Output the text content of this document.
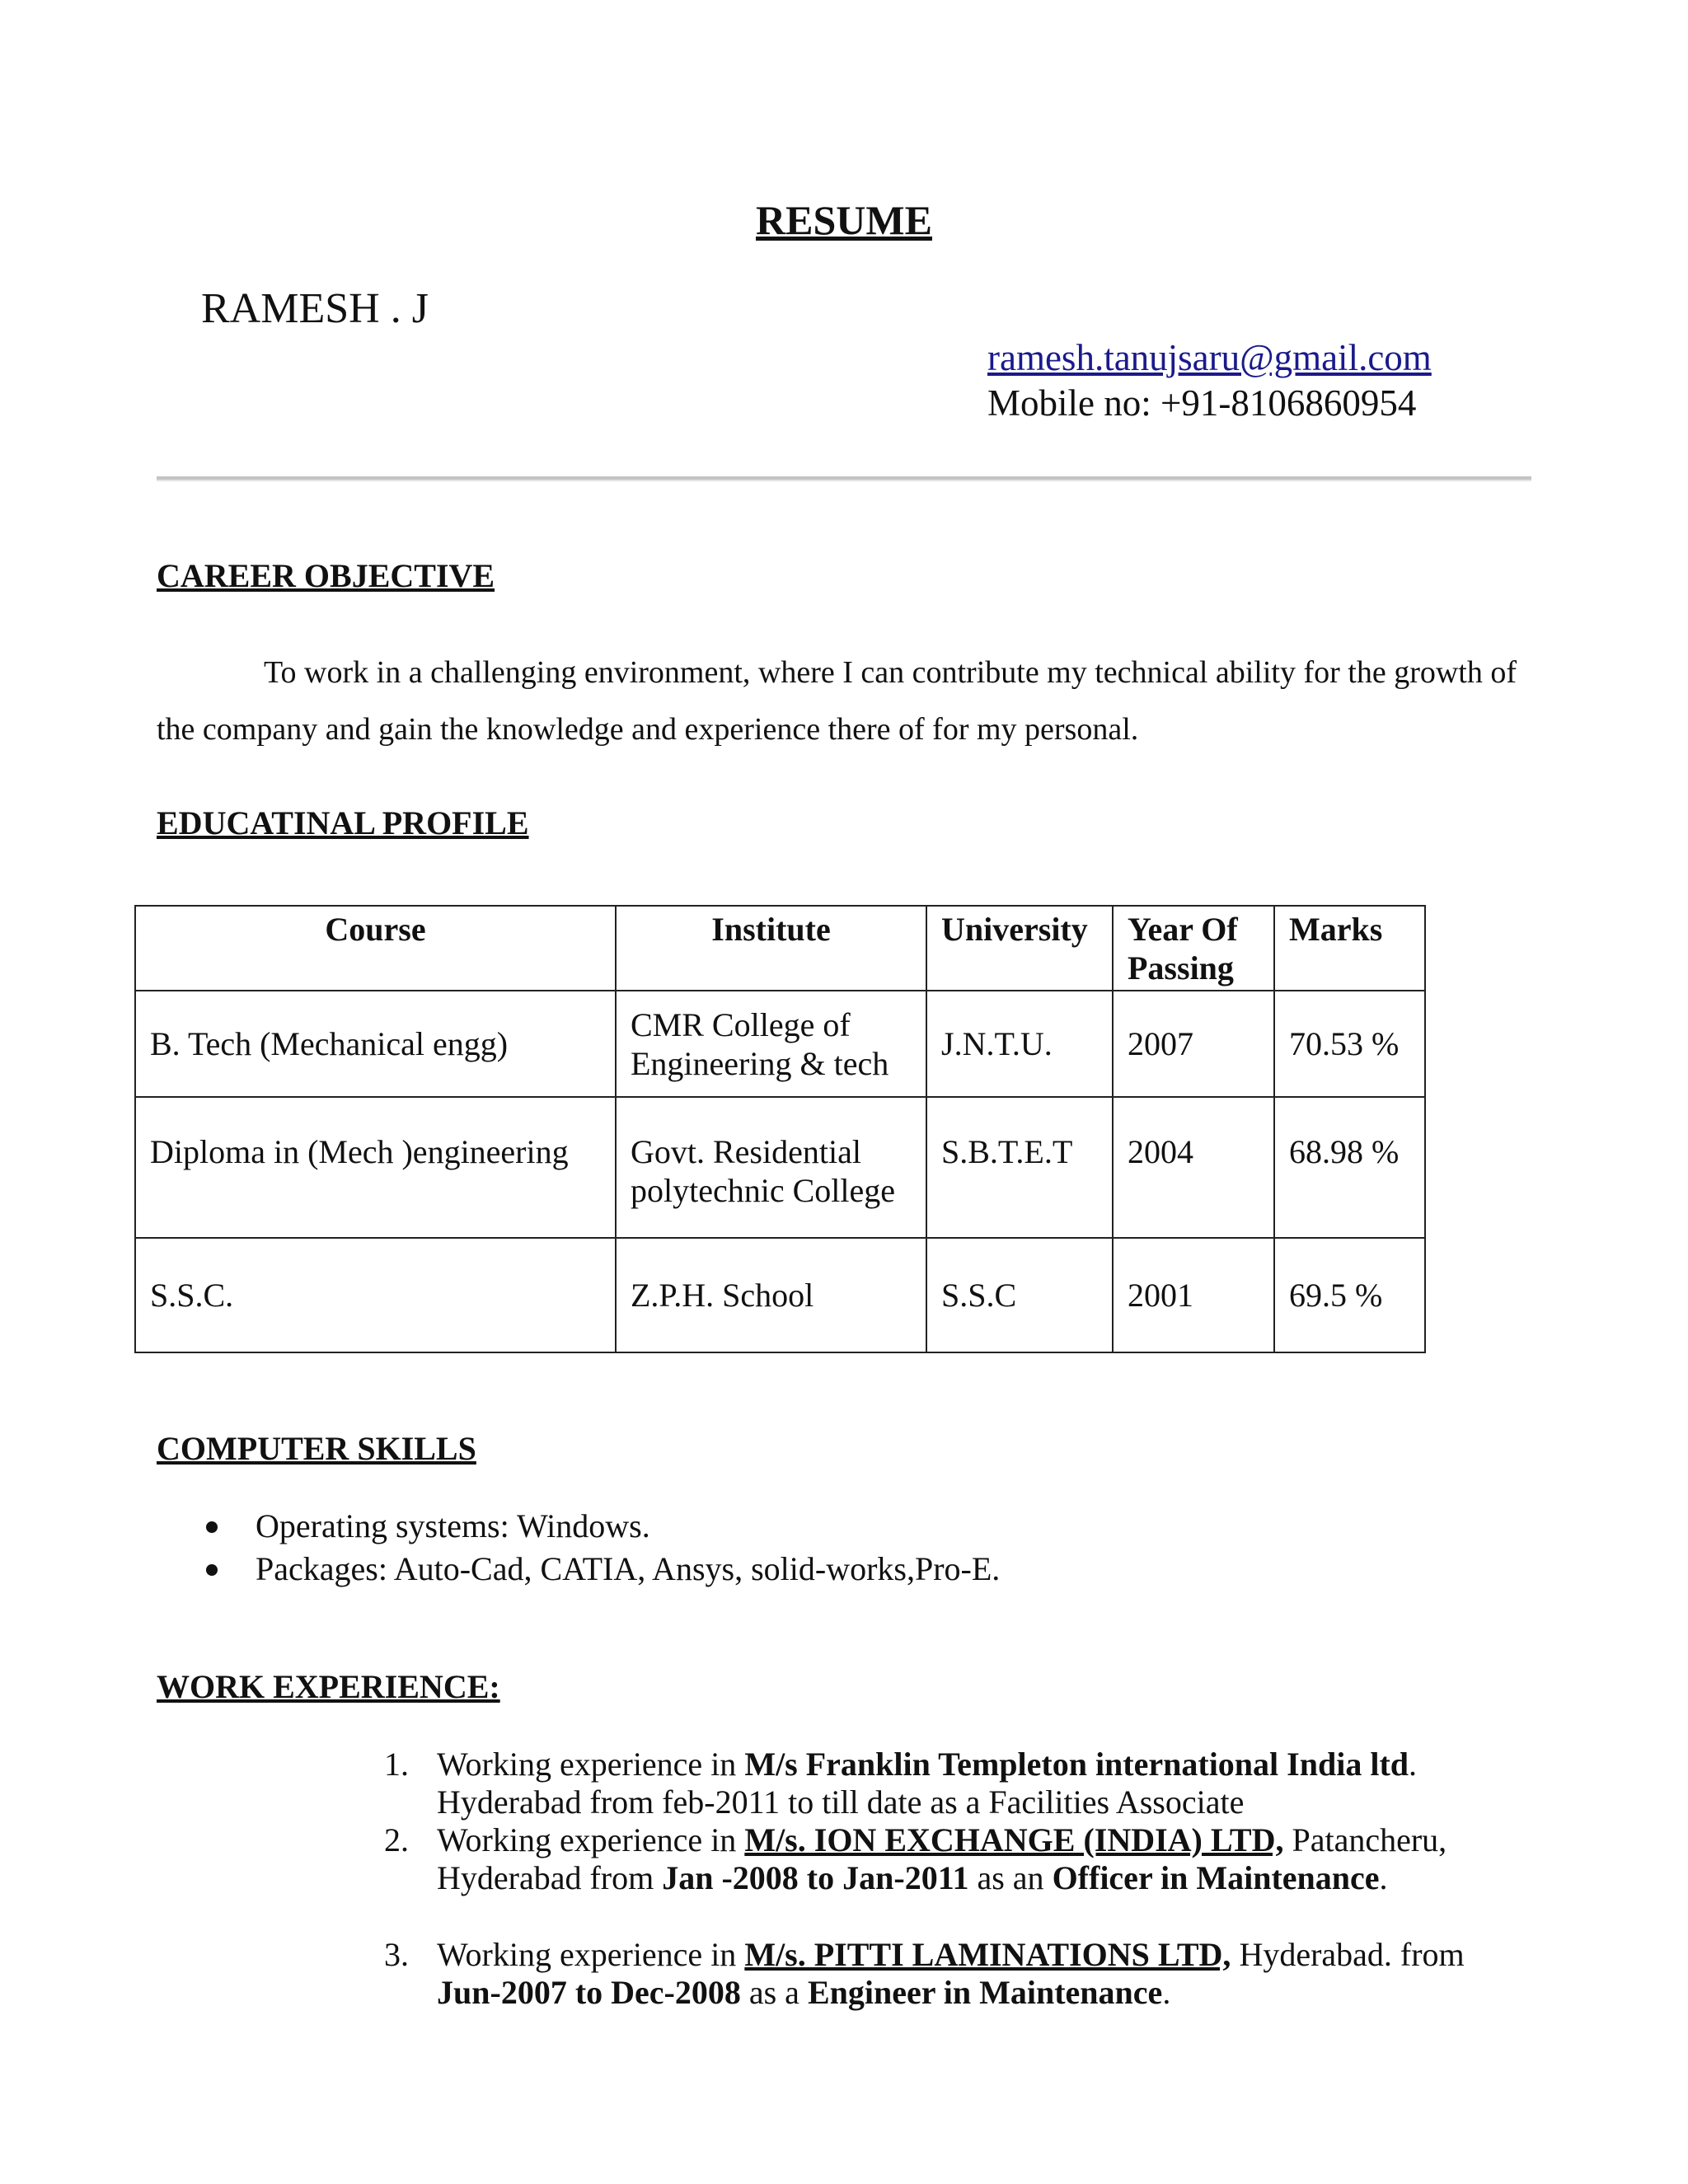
RESUME
RAMESH . J
ramesh.tanujsaru@gmail.com
Mobile no: +91-8106860954
CAREER OBJECTIVE
To work in a challenging environment, where I can contribute my technical ability for the growth of the company and gain the knowledge and experience there of for my personal.
EDUCATINAL PROFILE
Course	Institute	University	Year Of Passing	Marks
B. Tech (Mechanical engg)	CMR College of Engineering & tech	J.N.T.U.	2007	70.53 %
Diploma in (Mech )engineering	Govt. Residential polytechnic College	S.B.T.E.T	2004	68.98 %
S.S.C.	Z.P.H. School	S.S.C	2001	69.5 %
COMPUTER SKILLS
Operating systems: Windows.
Packages: Auto-Cad, CATIA, Ansys, solid-works,Pro-E.
WORK EXPERIENCE:
1. Working experience in M/s Franklin Templeton international India ltd. Hyderabad from feb-2011 to till date as a Facilities Associate
2. Working experience in M/s. ION EXCHANGE (INDIA) LTD, Patancheru, Hyderabad from Jan -2008 to Jan-2011 as an Officer in Maintenance.
3. Working experience in M/s. PITTI LAMINATIONS LTD, Hyderabad. from Jun-2007 to Dec-2008 as a Engineer in Maintenance.
